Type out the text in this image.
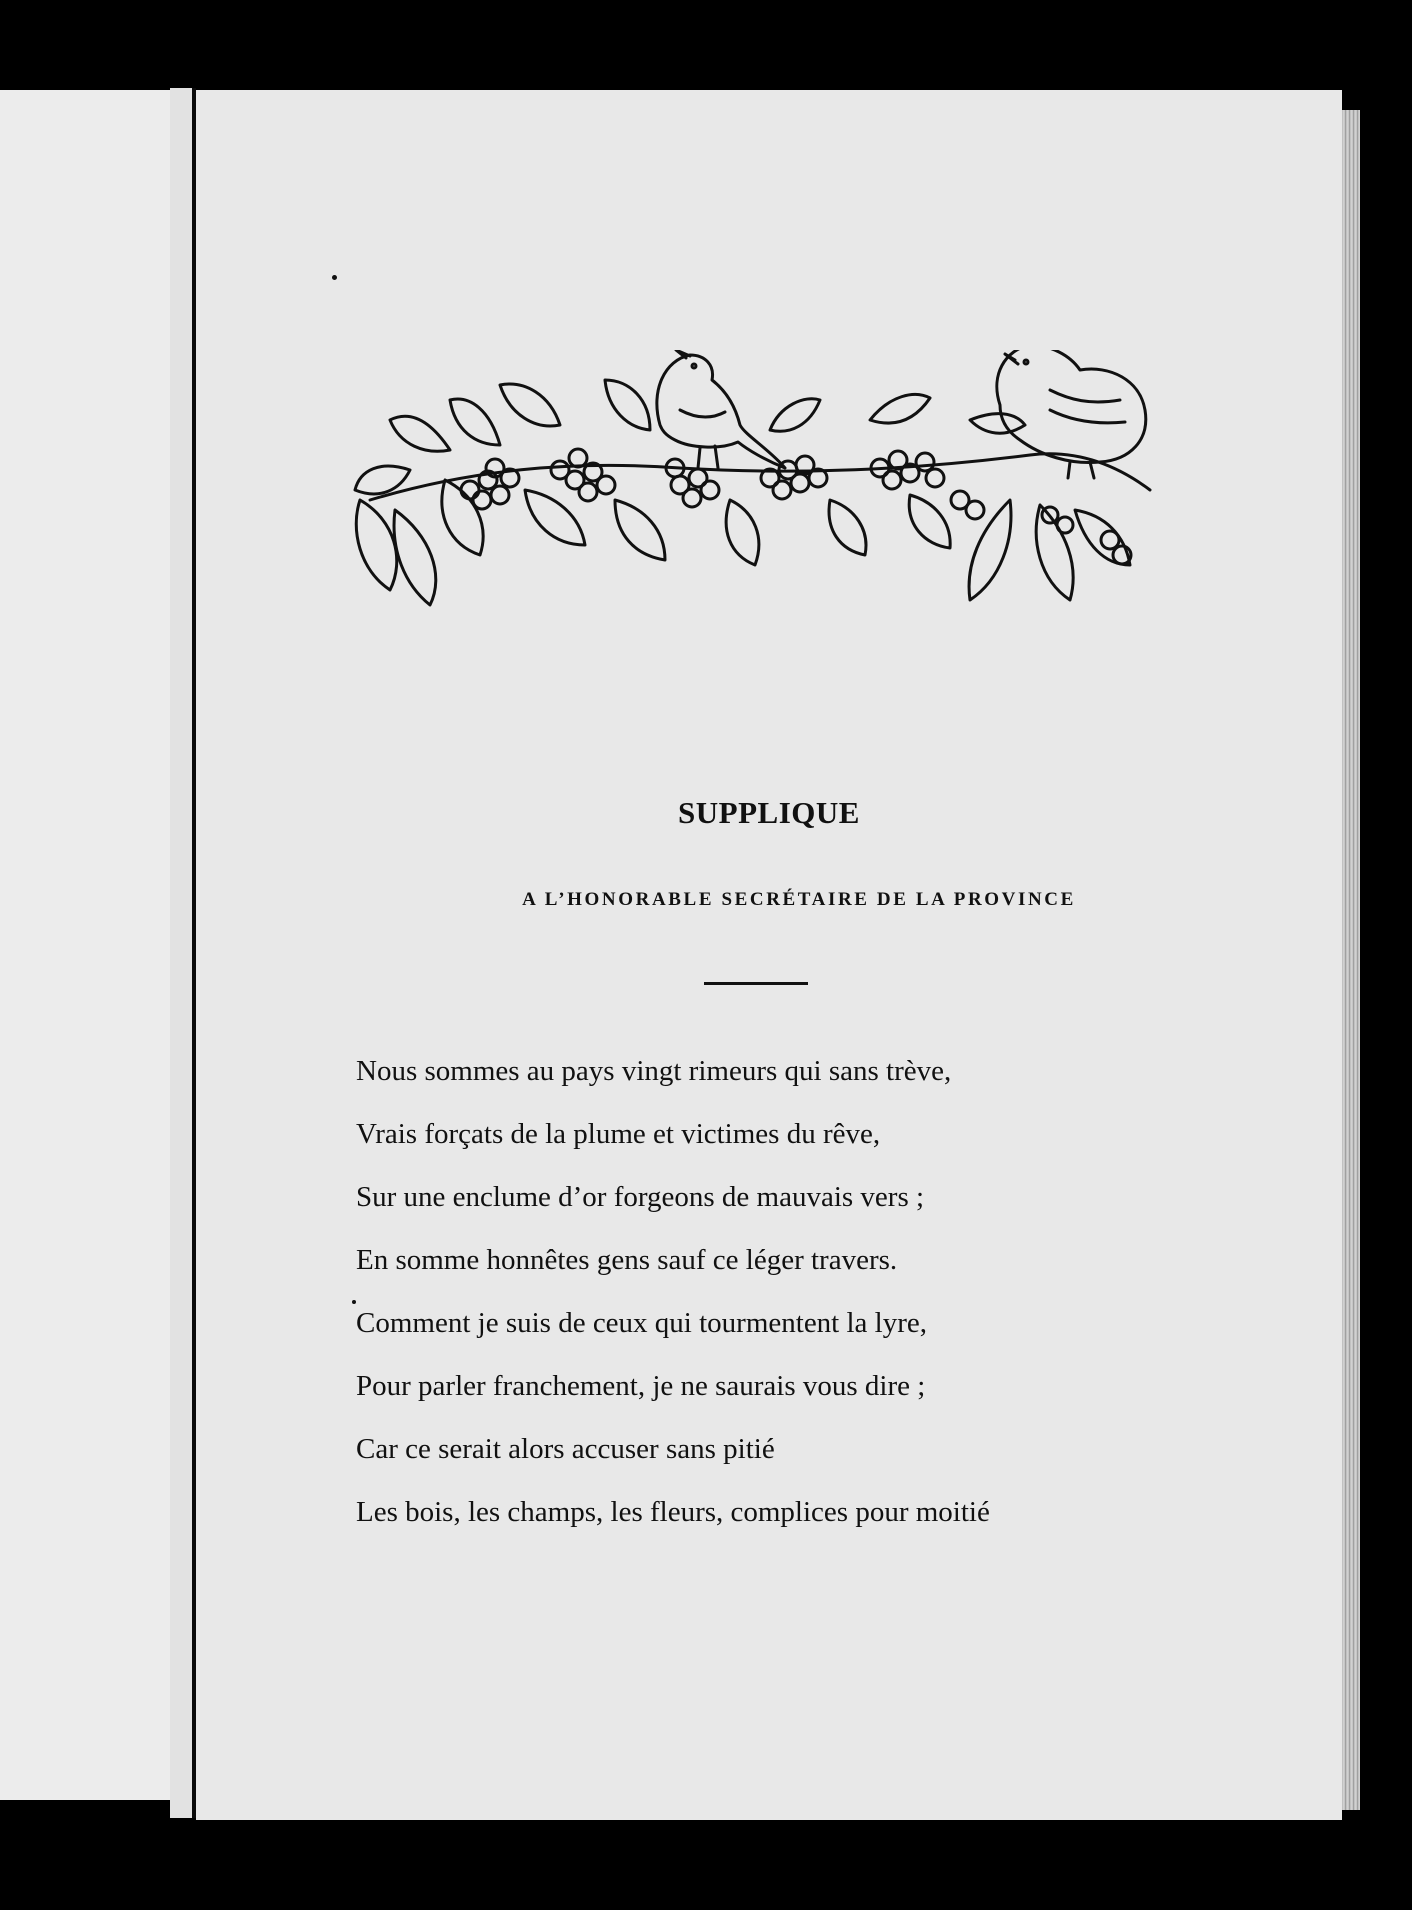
SUPPLIQUE
A L’HONORABLE SECRÉTAIRE DE LA PROVINCE
Nous sommes au pays vingt rimeurs qui sans trève,
Vrais forçats de la plume et victimes du rêve,
Sur une enclume d’or forgeons de mauvais vers ;
En somme honnêtes gens sauf ce léger travers.
Comment je suis de ceux qui tourmentent la lyre,
Pour parler franchement, je ne saurais vous dire ;
Car ce serait alors accuser sans pitié
Les bois, les champs, les fleurs, complices pour moitié
